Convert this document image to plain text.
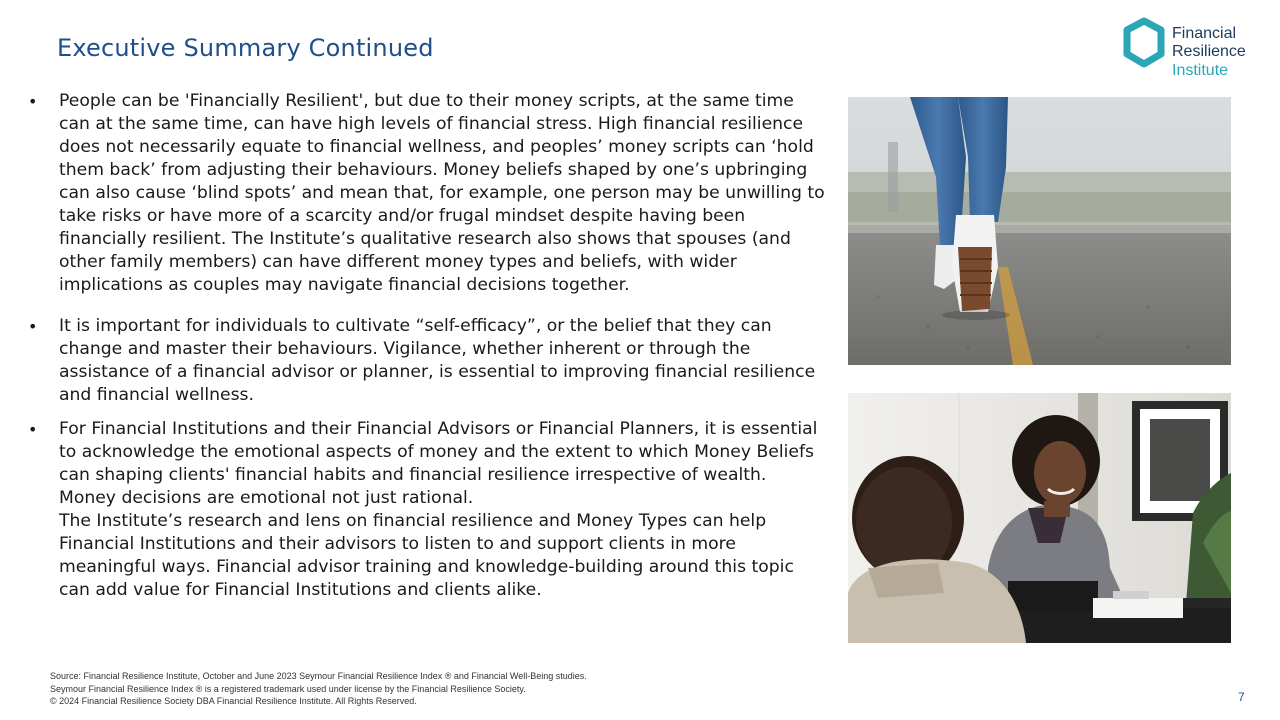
Executive Summary Continued
Financial
Resilience
Institute
• People can be 'Financially Resilient', but due to their money scripts, at the same time can at the same time, can have high levels of financial stress. High financial resilience does not necessarily equate to financial wellness, and peoples’ money scripts can ‘hold them back’ from adjusting their behaviours. Money beliefs shaped by one’s upbringing can also cause ‘blind spots’ and mean that, for example, one person may be unwilling to take risks or have more of a scarcity and/or frugal mindset despite having been financially resilient. The Institute’s qualitative research also shows that spouses (and other family members) can have different money types and beliefs, with wider implications as couples may navigate financial decisions together.
• It is important for individuals to cultivate “self-efficacy”, or the belief that they can change and master their behaviours. Vigilance, whether inherent or through the assistance of a financial advisor or planner, is essential to improving financial resilience and financial wellness.
• For Financial Institutions and their Financial Advisors or Financial Planners, it is essential to acknowledge the emotional aspects of money and the extent to which Money Beliefs can shaping clients' financial habits and financial resilience irrespective of wealth. Money decisions are emotional not just rational.
The Institute’s research and lens on financial resilience and Money Types can help Financial Institutions and their advisors to listen to and support clients in more meaningful ways. Financial advisor training and knowledge-building around this topic can add value for Financial Institutions and clients alike.
Source: Financial Resilience Institute, October and June 2023 Seymour Financial Resilience Index ® and Financial Well-Being studies.
Seymour Financial Resilience Index ® is a registered trademark used under license by the Financial Resilience Society.
© 2024 Financial Resilience Society DBA Financial Resilience Institute. All Rights Reserved.	7
